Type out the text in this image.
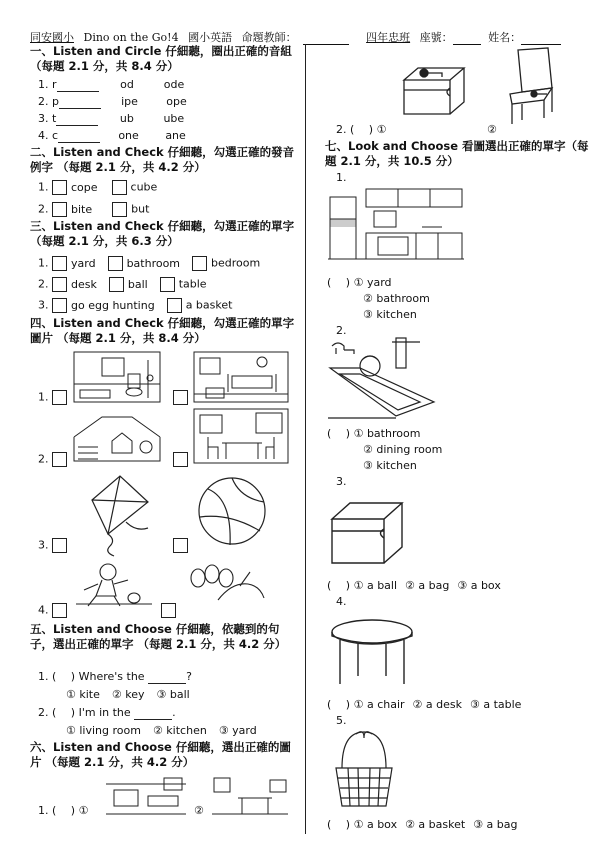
同安國小 Dino on the Go!4 國小英語 命題教師：	四年忠班 座號：	姓名：
一、Listen and Circle 仔細聽，圈出正確的音組 （每題 2.1 分，共 8.4 分）
1. r	od	ode
2. p	ipe	ope
3. t	ub	ube
4. c	one ane
二、Listen and Check 仔細聽，勾選正確的發音例字 （每題 2.1 分，共 4.2 分）
1. cope	cube
2. bite	but
三、Listen and Check 仔細聽，勾選正確的單字 （每題 2.1 分，共 6.3 分）
1. yard	bathroom	bedroom
2. desk	ball	table
3. go egg hunting	a basket
四、Listen and Check 仔細聽，勾選正確的單字圖片 （每題 2.1 分，共 8.4 分）
1.
2.
3.
4.
五、Listen and Choose 仔細聽，依聽到的句子，選出正確的單字 （每題 2.1 分，共 4.2 分）
1. (　 ) Where's the	?
① kite ② key ③ ball
2. (　 ) I'm in the	.
① living room ② kitchen ③ yard
六、Listen and Choose 仔細聽，選出正確的圖片 （每題 2.1 分，共 4.2 分）
1. (　 ) ①	②
2. (　 ) ①	②
七、Look and Choose 看圖選出正確的單字（每題 2.1 分，共 10.5 分）
1.
(　 ) ① yard
② bathroom
③ kitchen
2.
(　 ) ① bathroom
② dining room
③ kitchen
3.
(　 ) ① a ball ② a bag ③ a box
4.
(　 ) ① a chair ② a desk ③ a table
5.
(　 ) ① a box ② a basket ③ a bag
